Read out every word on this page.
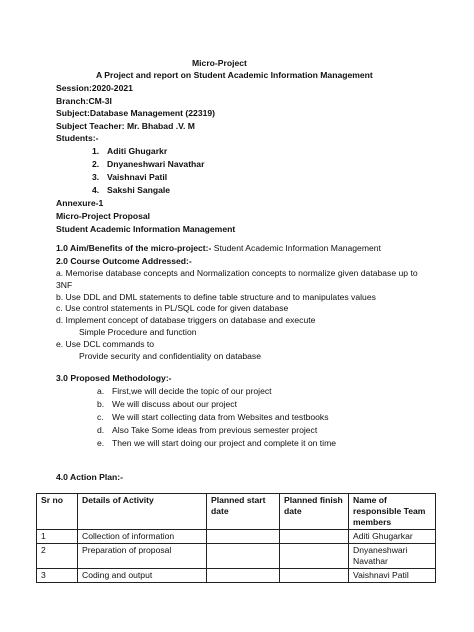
Micro-Project
A Project and report on Student Academic Information Management
Session:2020-2021
Branch:CM-3I
Subject:Database Management (22319)
Subject Teacher: Mr. Bhabad .V. M
Students:-
1. Aditi Ghugarkr
2. Dnyaneshwari Navathar
3. Vaishnavi Patil
4. Sakshi Sangale
Annexure-1
Micro-Project Proposal
Student Academic Information Management
1.0 Aim/Benefits of the micro-project:- Student Academic Information Management
2.0 Course Outcome Addressed:-
a. Memorise database concepts and Normalization concepts to normalize given database up to
3NF
b. Use DDL and DML statements to define table structure and to manipulates values
c. Use control statements in PL/SQL code for given database
d. Implement concept of database triggers on database and execute
Simple Procedure and function
e. Use DCL commands to
Provide security and confidentiality on database
3.0 Proposed Methodology:-
a. First,we will decide the topic of our project
b. We will discuss about our project
c. We will start collecting data from Websites and testbooks
d. Also Take Some ideas from previous semester project
e. Then we will start doing our project and complete it on time
4.0 Action Plan:-
Sr no	Details of Activity	Planned start date	Planned finish date	Name of responsible Team members
1	Collection of information			Aditi Ghugarkar
2	Preparation of proposal			Dnyaneshwari Navathar
3	Coding and output			Vaishnavi Patil
